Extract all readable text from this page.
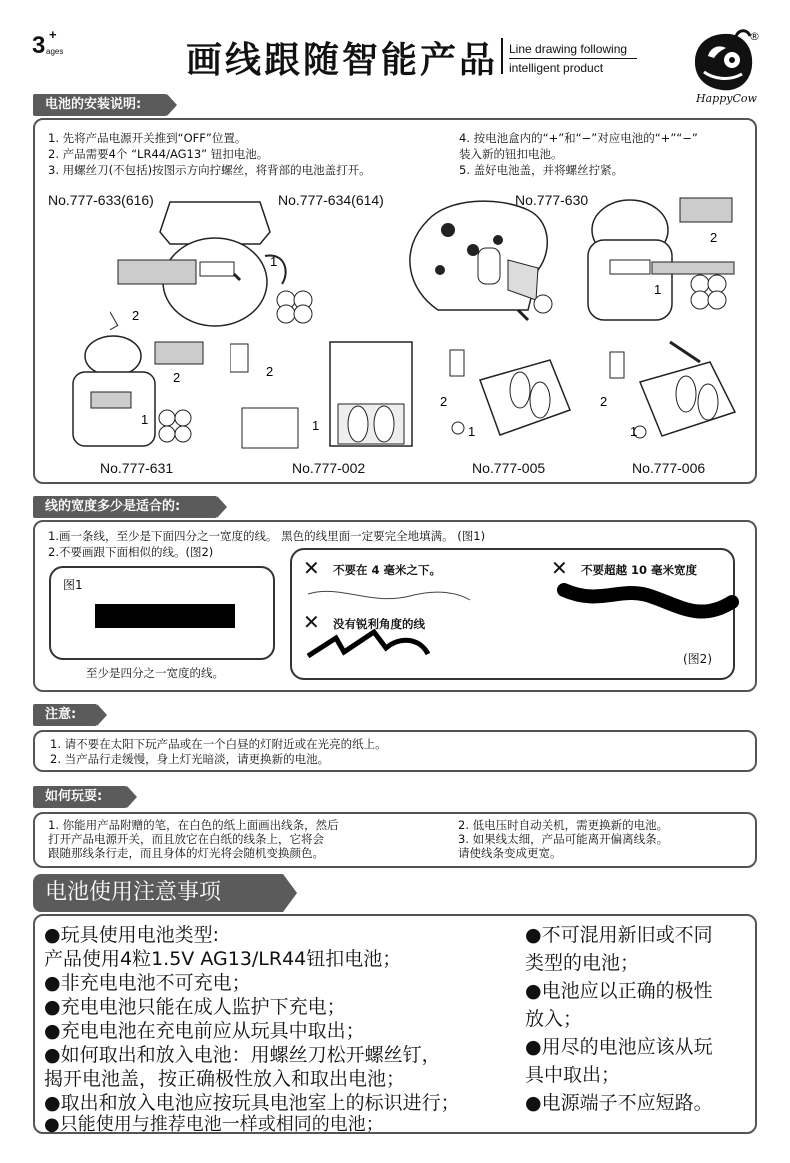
3 +
ages	画线跟随智能产品 Line drawing following
intelligent product
®
HappyCow
电池的安装说明:
1. 先将产品电源开关推到“OFF”位置。
2. 产品需要4个 “LR44/AG13” 钮扣电池。
3. 用螺丝刀(不包括)按图示方向拧螺丝，将背部的电池盖打开。
4. 按电池盒内的“+”和“−”对应电池的“+”“−”
装入新的钮扣电池。
5. 盖好电池盖，并将螺丝拧紧。
No.777-633(616)	No.777-634(614)	No.777-630
1
2
2
1
2
1
2
1
2
1
2
1
No.777-631	No.777-002	No.777-005	No.777-006
线的宽度多少是适合的:
1.画一条线，至少是下面四分之一宽度的线。 黑色的线里面一定要完全地填满。 (图1)
2.不要画跟下面相似的线。(图2)
图1
至少是四分之一宽度的线。
✕ 不要在 4 毫米之下。	✕ 不要超越 10 毫米宽度
✕ 没有锐利角度的线
(图2)
注意:
1. 请不要在太阳下玩产品或在一个白昼的灯附近或在光亮的纸上。
2. 当产品行走缓慢，身上灯光暗淡，请更换新的电池。
如何玩耍:
1. 你能用产品附赠的笔，在白色的纸上面画出线条，然后
打开产品电源开关，而且放它在白纸的线条上，它将会
跟随那线条行走，而且身体的灯光将会随机变换颜色。
2. 低电压时自动关机，需更换新的电池。
3. 如果线太细，产品可能离开偏离线条。
请使线条变成更宽。
电池使用注意事项
●玩具使用电池类型:
产品使用4粒1.5V AG13/LR44钮扣电池；
●非充电电池不可充电；
●充电电池只能在成人监护下充电；
●充电电池在充电前应从玩具中取出；
●如何取出和放入电池：用螺丝刀松开螺丝钉，
揭开电池盖，按正确极性放入和取出电池；
●取出和放入电池应按玩具电池室上的标识进行；
●只能使用与推荐电池一样或相同的电池；
●不可混用新旧或不同
类型的电池；
●电池应以正确的极性
放入；
●用尽的电池应该从玩
具中取出；
●电源端子不应短路。
